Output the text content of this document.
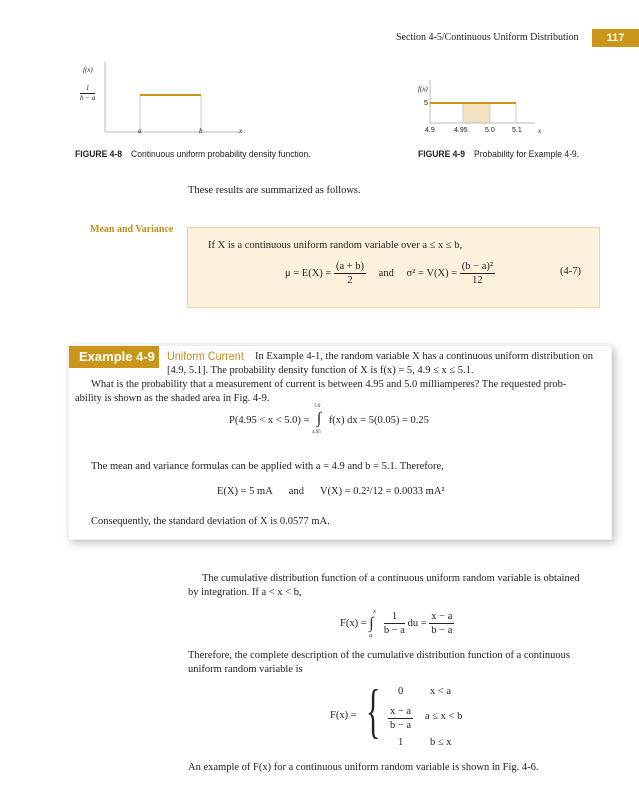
Section 4-5/Continuous Uniform Distribution	117
f(x)
$\frac{1}{b - a}$
a	b	x
FIGURE 4-8 Continuous uniform probability density function.
f(x)
5
4.9	4.95 5.0 5.1 x
FIGURE 4-9 Probability for Example 4-9.

These results are summarized as follows.

Mean and Variance

If X is a continuous uniform random variable over a ≤ x ≤ b,

$\mu = E(X) = \frac{(a + b)}{2}$ and $\sigma^2 = V(X) = \frac{\text{(b − a)²}}{12}$	(4-7)
Example 4-9	Uniform Current In Example 4-1, the random variable X has a continuous uniform distribution on

[4.9, 5.1]. The probability density function of X is f(x) = 5, 4.9 ≤ x ≤ 5.1.

What is the probability that a measurement of current is between 4.95 and 5.0 milliamperes? The requested prob-

ability is shown as the shaded area in Fig. 4-9.

P(4.95 < x < 5.0) = ∫
5.0
4.95
f(x) dx = 5(0.05) = 0.25

The mean and variance formulas can be applied with a = 4.9 and b = 5.1. Therefore,

E(X) = 5 mA and V(X) = 0.2²/12 = 0.0033 mA²

Consequently, the standard deviation of X is 0.0577 mA.

The cumulative distribution function of a continuous uniform random variable is obtained

by integration. If a < x < b,

F(x) = ∫
x
a
$\frac{1}{b - a}$ du = $\frac{x - a}{b - a}$

Therefore, the complete description of the cumulative distribution function of a continuous

uniform random variable is

F(x) = { 0	x < a
$\frac{x - a}{b - a}$ a ≤ x < b
1	b ≤ x

An example of F(x) for a continuous uniform random variable is shown in Fig. 4-6.
